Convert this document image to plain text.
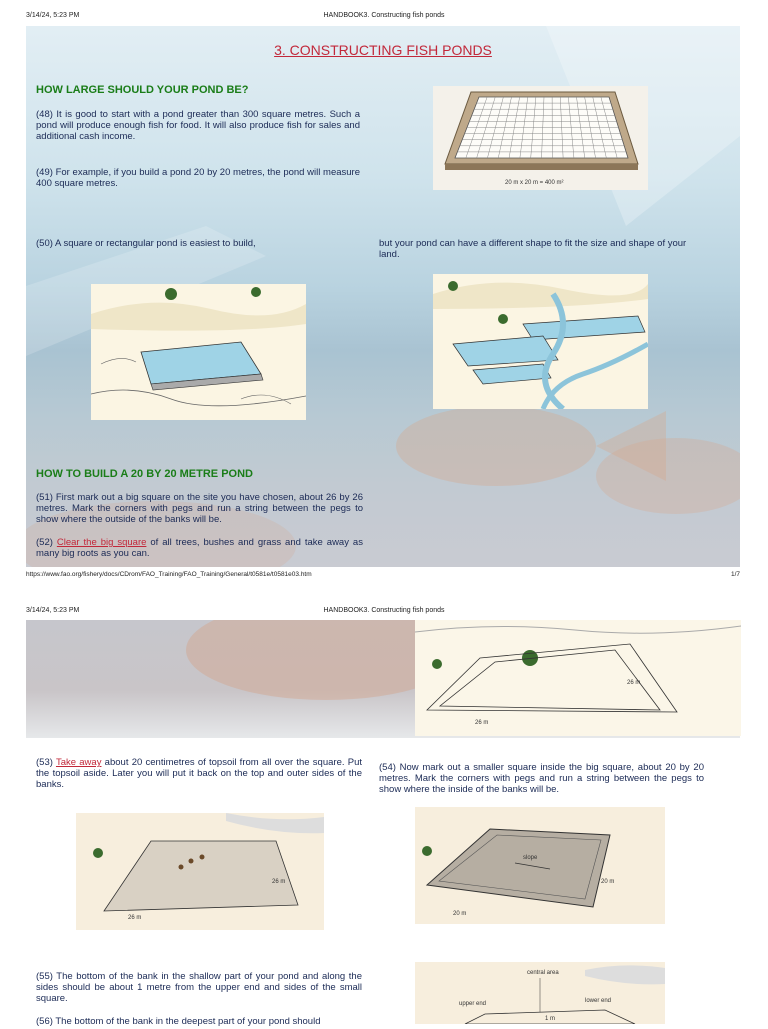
3/14/24, 5:23 PM	HANDBOOK3. Constructing fish ponds
3. CONSTRUCTING FISH PONDS
HOW LARGE SHOULD YOUR POND BE?
(48) It is good to start with a pond greater than 300 square metres. Such a pond will produce enough fish for food. It will also produce fish for sales and additional cash income.
(49) For example, if you build a pond 20 by 20 metres, the pond will measure 400 square metres.	20 m x 20 m = 400 m²
(50) A square or rectangular pond is easiest to build,	but your pond can have a different shape to fit the size and shape of your land.
HOW TO BUILD A 20 BY 20 METRE POND
(51) First mark out a big square on the site you have chosen, about 26 by 26 metres. Mark the corners with pegs and run a string between the pegs to show where the outside of the banks will be.
(52) Clear the big square of all trees, bushes and grass and take away as many big roots as you can.
https://www.fao.org/fishery/docs/CDrom/FAO_Training/FAO_Training/General/t0581e/t0581e03.htm	1/7
3/14/24, 5:23 PM	HANDBOOK3. Constructing fish ponds
26 m
26 m
(53) Take away about 20 centimetres of topsoil from all over the square. Put the topsoil aside. Later you will put it back on the top and outer sides of the banks.
(54) Now mark out a smaller square inside the big square, about 20 by 20 metres. Mark the corners with pegs and run a string between the pegs to show where the inside of the banks will be.
26 m
26 m
slope
20 m
20 m
(55) The bottom of the bank in the shallow part of your pond and along the sides should be about 1 metre from the upper end and sides of the small square.
(56) The bottom of the bank in the deepest part of your pond should
central area
upper end	lower end
1 m
